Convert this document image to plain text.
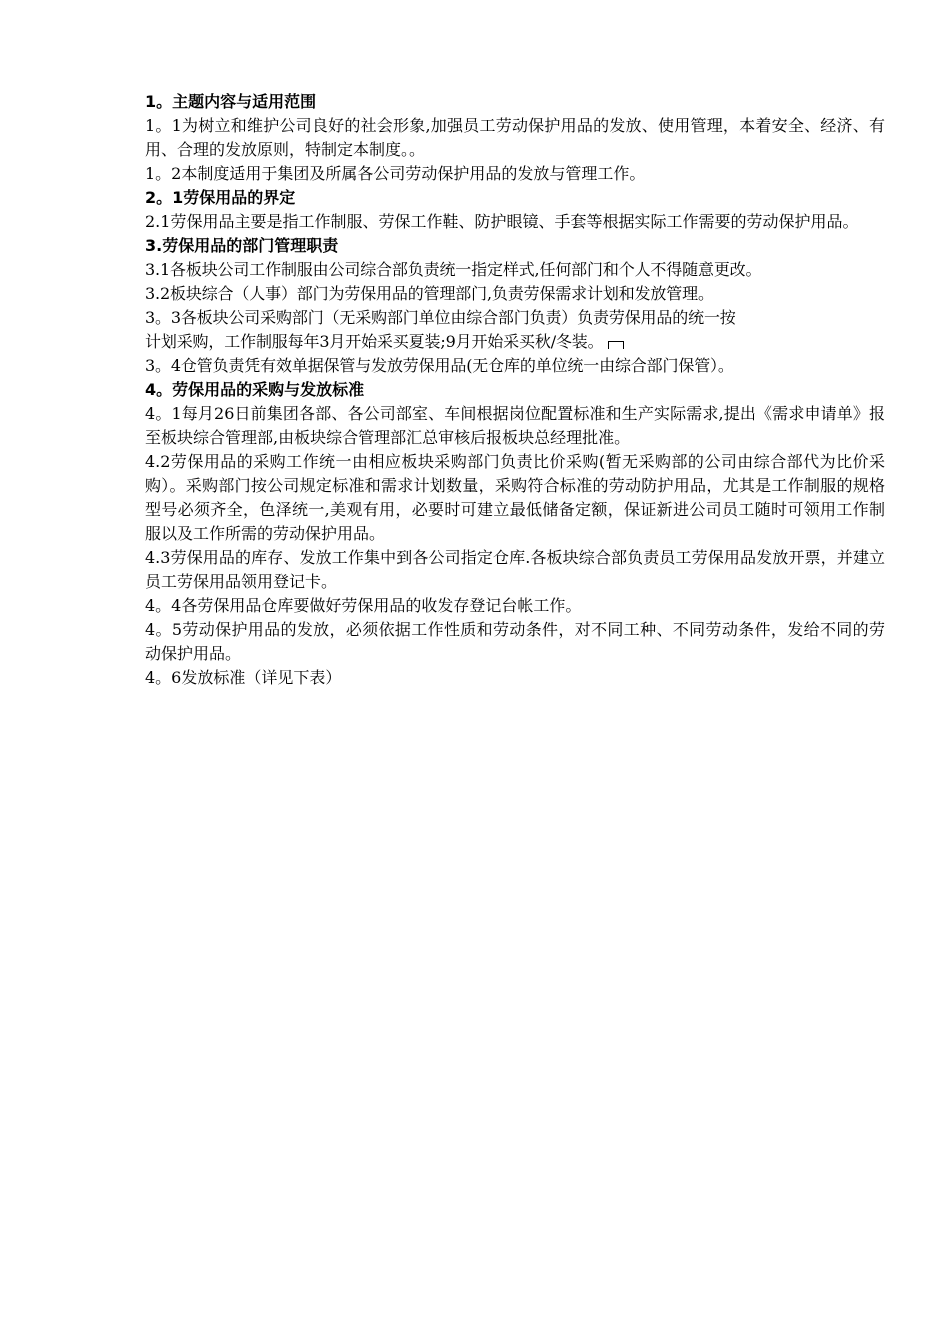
1。主题内容与适用范围

1。1为树立和维护公司良好的社会形象,加强员工劳动保护用品的发放、使用管理，本着安全、经济、有用、合理的发放原则，特制定本制度。。

1。2本制度适用于集团及所属各公司劳动保护用品的发放与管理工作。

2。1劳保用品的界定

2.1劳保用品主要是指工作制服、劳保工作鞋、防护眼镜、手套等根据实际工作需要的劳动保护用品。

3.劳保用品的部门管理职责

3.1各板块公司工作制服由公司综合部负责统一指定样式,任何部门和个人不得随意更改。

3.2板块综合（人事）部门为劳保用品的管理部门,负责劳保需求计划和发放管理。

3。3各板块公司采购部门（无采购部门单位由综合部门负责）负责劳保用品的统一按

计划采购，工作制服每年3月开始采买夏装;9月开始采买秋/冬装。

3。4仓管负责凭有效单据保管与发放劳保用品(无仓库的单位统一由综合部门保管）。

4。劳保用品的采购与发放标准

4。1每月26日前集团各部、各公司部室、车间根据岗位配置标准和生产实际需求,提出《需求申请单》报至板块综合管理部,由板块综合管理部汇总审核后报板块总经理批准。

4.2劳保用品的采购工作统一由相应板块采购部门负责比价采购(暂无采购部的公司由综合部代为比价采购）。采购部门按公司规定标准和需求计划数量，采购符合标准的劳动防护用品，尤其是工作制服的规格型号必须齐全，色泽统一,美观有用，必要时可建立最低储备定额，保证新进公司员工随时可领用工作制服以及工作所需的劳动保护用品。

4.3劳保用品的库存、发放工作集中到各公司指定仓库.各板块综合部负责员工劳保用品发放开票，并建立员工劳保用品领用登记卡。

4。4各劳保用品仓库要做好劳保用品的收发存登记台帐工作。

4。5劳动保护用品的发放，必须依据工作性质和劳动条件，对不同工种、不同劳动条件，发给不同的劳动保护用品。

4。6发放标准（详见下表）
